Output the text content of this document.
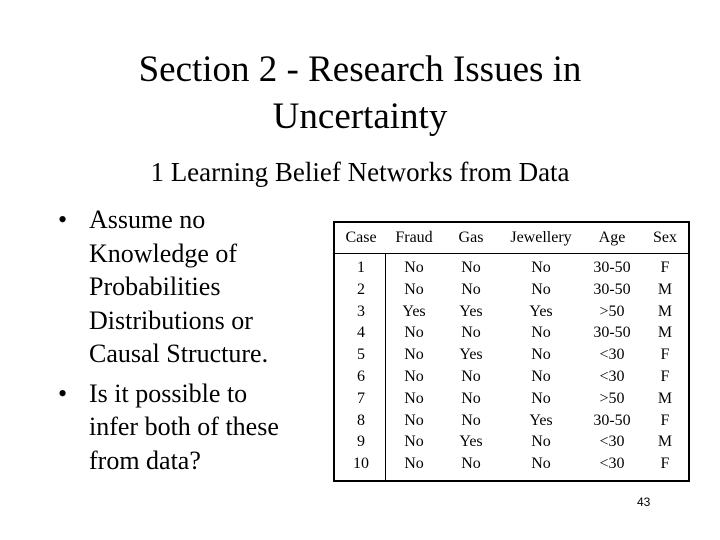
Section 2 - Research Issues in
Uncertainty
1 Learning Belief Networks from Data
• Assume no
Knowledge of
Probabilities
Distributions or
Causal Structure.
• Is it possible to
infer both of these
from data?
Case Fraud Gas Jewellery Age Sex
1 No No	No	30-50 F
2 No No	No	30-50 M
3 Yes Yes	Yes	>50 M
4 No No	No	30-50 M
5 No Yes	No	<30 F
6 No No	No	<30 F
7 No No	No	>50 M
8 No No	Yes	30-50 F
9 No Yes	No	<30 M
10 No No	No	<30 F
43
